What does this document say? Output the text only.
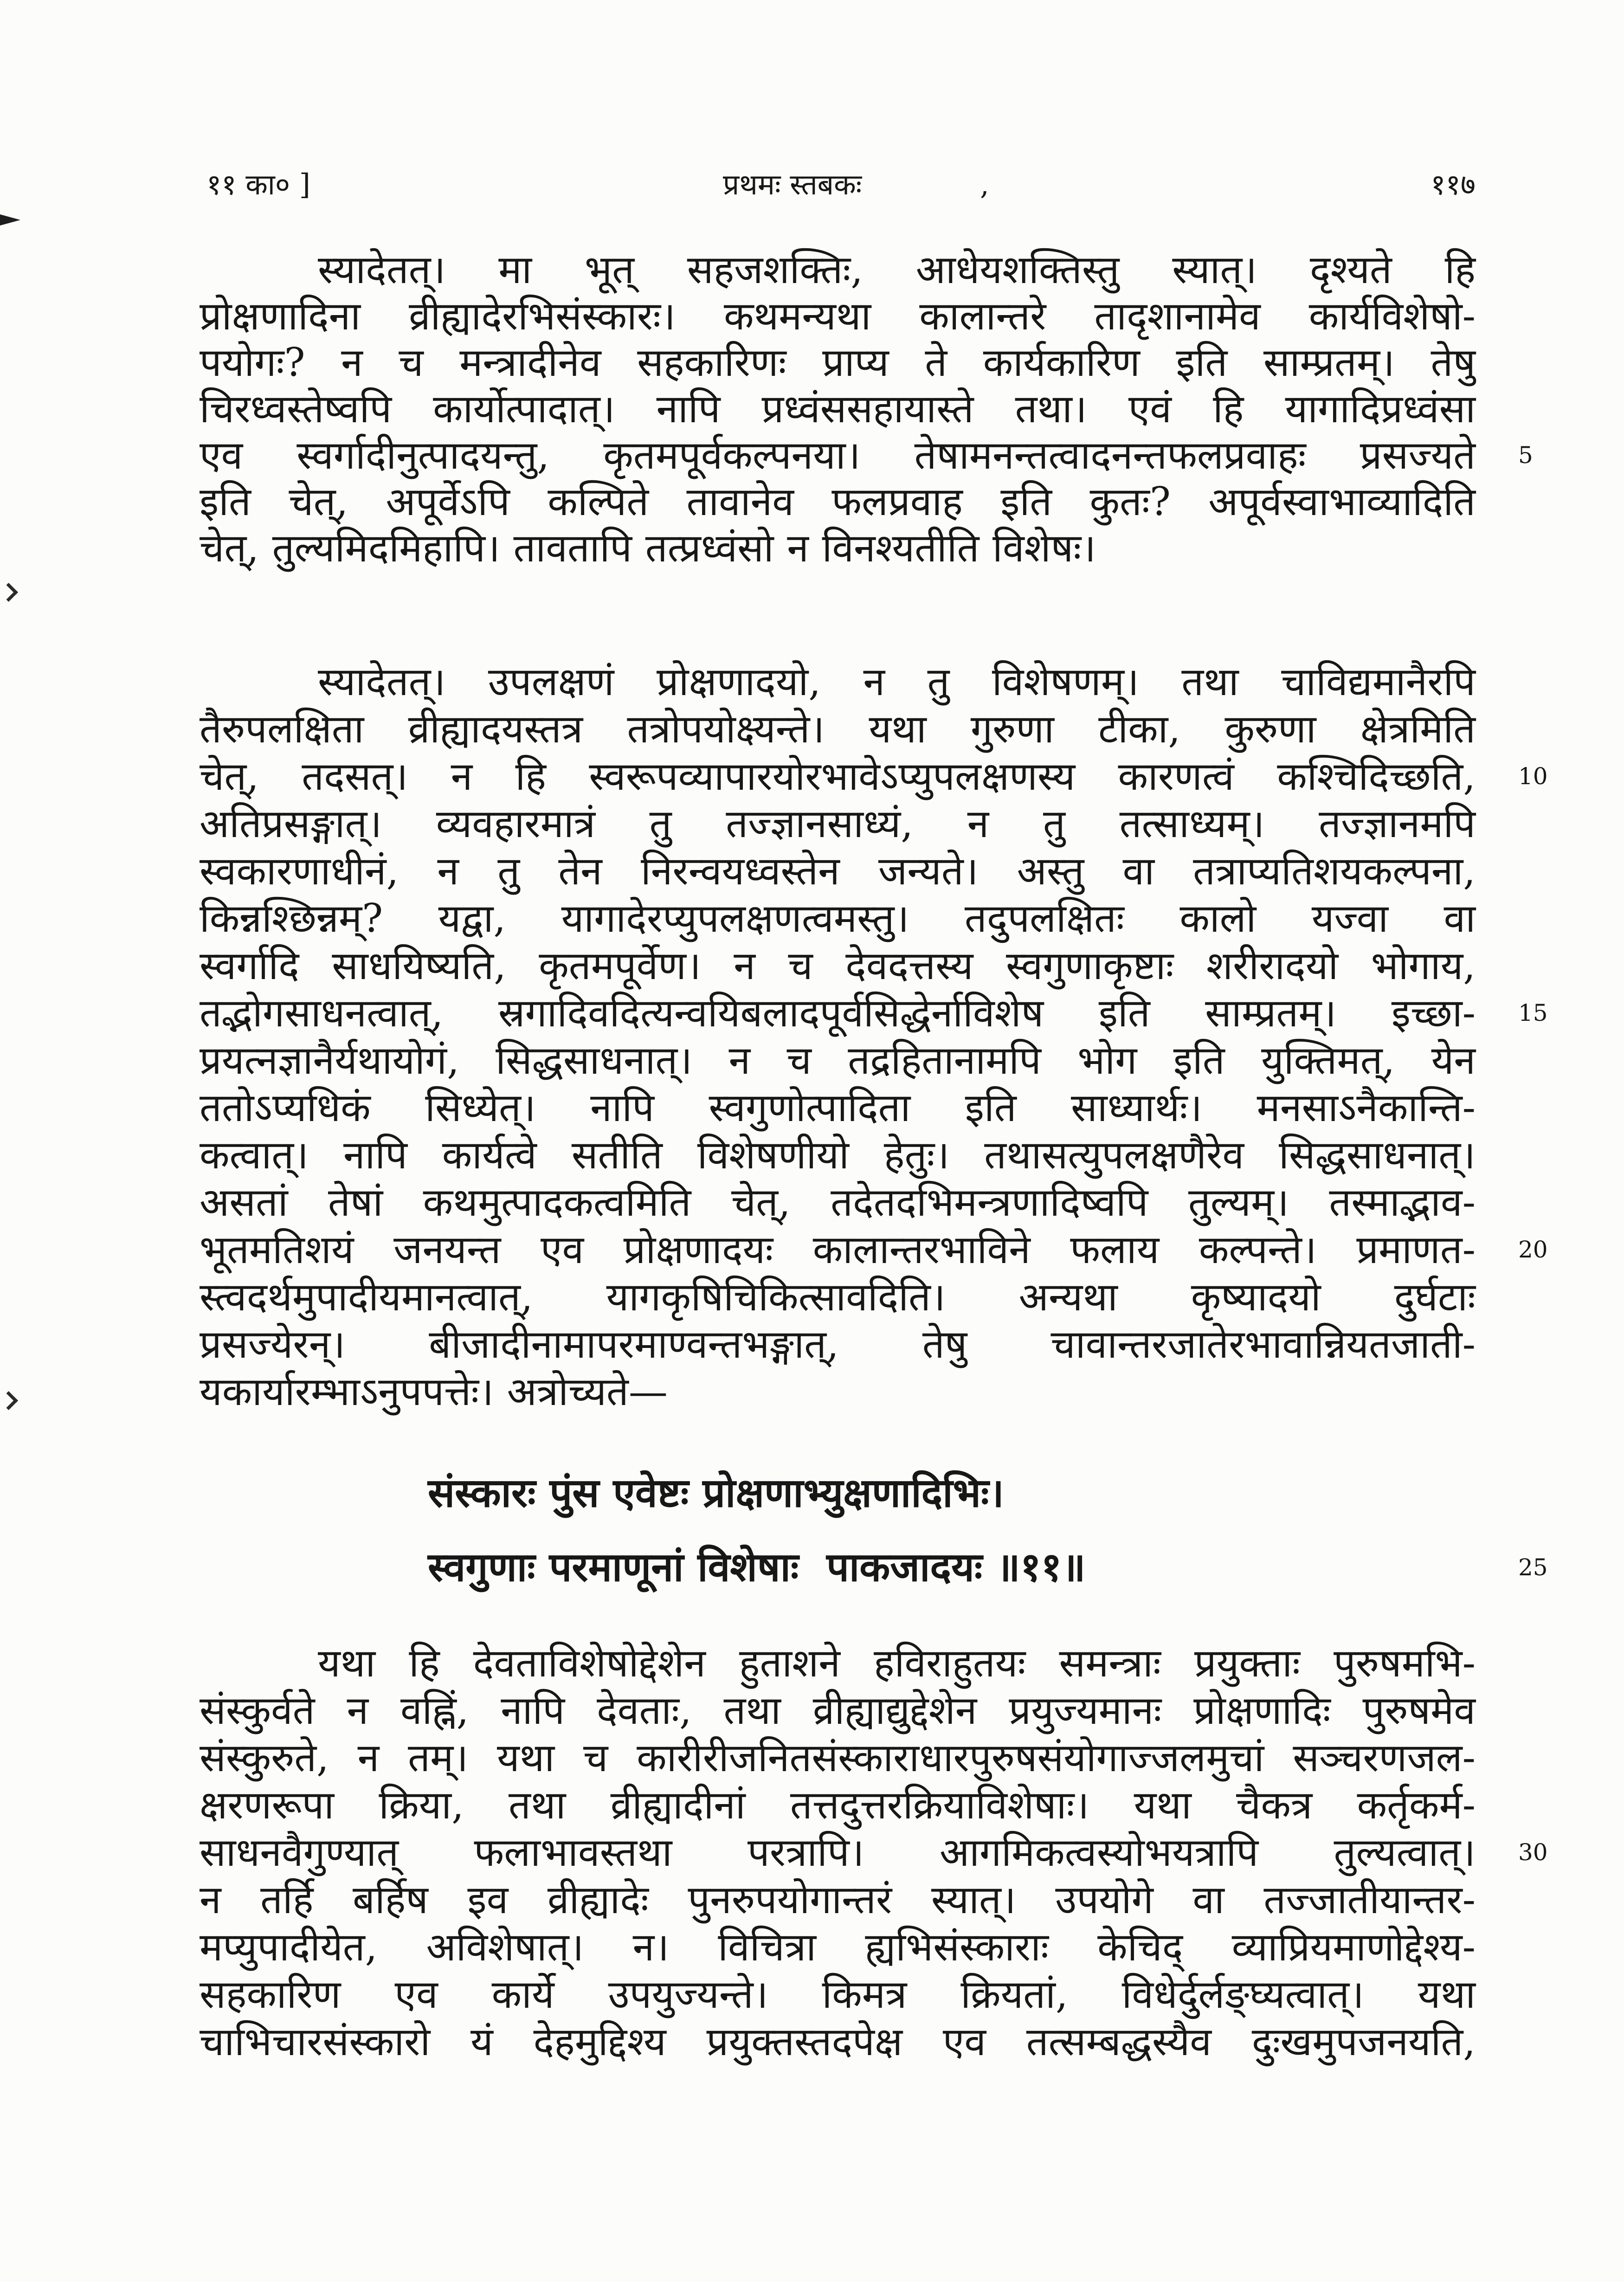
११ का० ]	प्रथमः स्तबकः	,	११७
स्यादेतत्। मा भूत् सहजशक्तिः, आधेयशक्तिस्तु स्यात्। दृश्यते हि
प्रोक्षणादिना व्रीह्यादेरभिसंस्कारः। कथमन्यथा कालान्तरे तादृशानामेव कार्यविशेषो-
पयोगः? न च मन्त्रादीनेव सहकारिणः प्राप्य ते कार्यकारिण इति साम्प्रतम्। तेषु
चिरध्वस्तेष्वपि कार्योत्पादात्। नापि प्रध्वंससहायास्ते तथा। एवं हि यागादिप्रध्वंसा
एव स्वर्गादीनुत्पादयन्तु, कृतमपूर्वकल्पनया। तेषामनन्तत्वादनन्तफलप्रवाहः प्रसज्यते
इति चेत्, अपूर्वेऽपि कल्पिते तावानेव फलप्रवाह इति कुतः? अपूर्वस्वाभाव्यादिति
चेत्, तुल्यमिदमिहापि। तावतापि तत्प्रध्वंसो न विनश्यतीति विशेषः।
स्यादेतत्। उपलक्षणं प्रोक्षणादयो, न तु विशेषणम्। तथा चाविद्यमानैरपि
तैरुपलक्षिता व्रीह्यादयस्तत्र तत्रोपयोक्ष्यन्ते। यथा गुरुणा टीका, कुरुणा क्षेत्रमिति
चेत्, तदसत्। न हि स्वरूपव्यापारयोरभावेऽप्युपलक्षणस्य कारणत्वं कश्चिदिच्छति,
अतिप्रसङ्गात्। व्यवहारमात्रं तु तज्ज्ञानसाध्यं, न तु तत्साध्यम्। तज्ज्ञानमपि
स्वकारणाधीनं, न तु तेन निरन्वयध्वस्तेन जन्यते। अस्तु वा तत्राप्यतिशयकल्पना,
किन्नश्छिन्नम्? यद्वा, यागादेरप्युपलक्षणत्वमस्तु। तदुपलक्षितः कालो यज्वा वा
स्वर्गादि साधयिष्यति, कृतमपूर्वेण। न च देवदत्तस्य स्वगुणाकृष्टाः शरीरादयो भोगाय,
तद्भोगसाधनत्वात्, स्रगादिवदित्यन्वयिबलादपूर्वसिद्धेर्नाविशेष इति साम्प्रतम्। इच्छा-
प्रयत्नज्ञानैर्यथायोगं, सिद्धसाधनात्। न च तद्रहितानामपि भोग इति युक्तिमत्, येन
ततोऽप्यधिकं सिध्येत्। नापि स्वगुणोत्पादिता इति साध्यार्थः। मनसाऽनैकान्ति-
कत्वात्। नापि कार्यत्वे सतीति विशेषणीयो हेतुः। तथासत्युपलक्षणैरेव सिद्धसाधनात्।
असतां तेषां कथमुत्पादकत्वमिति चेत्, तदेतदभिमन्त्रणादिष्वपि तुल्यम्। तस्माद्भाव-
भूतमतिशयं जनयन्त एव प्रोक्षणादयः कालान्तरभाविने फलाय कल्पन्ते। प्रमाणत-
स्त्वदर्थमुपादीयमानत्वात्, यागकृषिचिकित्सावदिति। अन्यथा कृष्यादयो दुर्घटाः
प्रसज्येरन्। बीजादीनामापरमाण्वन्तभङ्गात्, तेषु चावान्तरजातेरभावान्नियतजाती-
यकार्यारम्भाऽनुपपत्तेः। अत्रोच्यते—
संस्कारः पुंस एवेष्टः प्रोक्षणाभ्युक्षणादिभिः।
स्वगुणाः परमाणूनां विशेषाः  पाकजादयः ॥११॥
यथा हि देवताविशेषोद्देशेन हुताशने हविराहुतयः समन्त्राः प्रयुक्ताः पुरुषमभि-
संस्कुर्वते न वह्निं, नापि देवताः, तथा व्रीह्याद्युद्देशेन प्रयुज्यमानः प्रोक्षणादिः पुरुषमेव
संस्कुरुते, न तम्। यथा च कारीरीजनितसंस्काराधारपुरुषसंयोगाज्जलमुचां सञ्चरणजल-
क्षरणरूपा क्रिया, तथा व्रीह्यादीनां तत्तदुत्तरक्रियाविशेषाः। यथा चैकत्र कर्तृकर्म-
साधनवैगुण्यात् फलाभावस्तथा परत्रापि। आगमिकत्वस्योभयत्रापि तुल्यत्वात्।
न तर्हि बर्हिष इव व्रीह्यादेः पुनरुपयोगान्तरं स्यात्। उपयोगे वा तज्जातीयान्तर-
मप्युपादीयेत, अविशेषात्। न। विचित्रा ह्यभिसंस्काराः केचिद् व्याप्रियमाणोद्देश्य-
सहकारिण एव कार्ये उपयुज्यन्ते। किमत्र क्रियतां, विधेर्दुर्लङ्घ्यत्वात्। यथा
चाभिचारसंस्कारो यं देहमुद्दिश्य प्रयुक्तस्तदपेक्ष एव तत्सम्बद्धस्यैव दुःखमुपजनयति,
5
10
15
20
25
30
